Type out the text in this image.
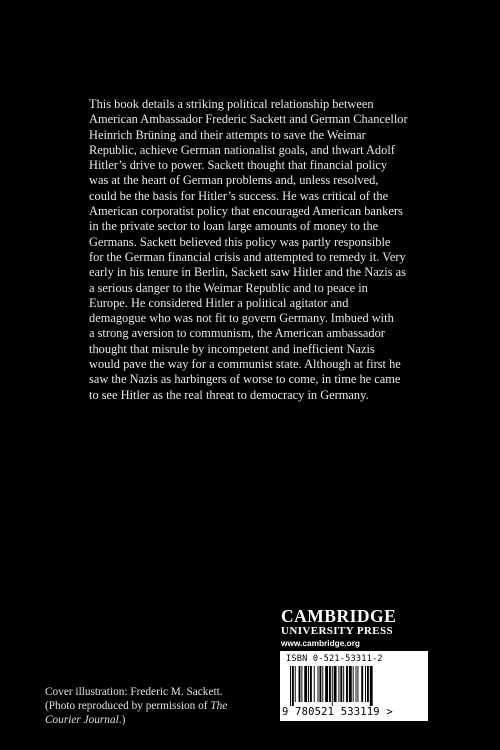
This book details a striking political relationship between
American Ambassador Frederic Sackett and German Chancellor
Heinrich Brüning and their attempts to save the Weimar
Republic, achieve German nationalist goals, and thwart Adolf
Hitler’s drive to power. Sackett thought that financial policy
was at the heart of German problems and, unless resolved,
could be the basis for Hitler’s success. He was critical of the
American corporatist policy that encouraged American bankers
in the private sector to loan large amounts of money to the
Germans. Sackett believed this policy was partly responsible
for the German financial crisis and attempted to remedy it. Very
early in his tenure in Berlin, Sackett saw Hitler and the Nazis as
a serious danger to the Weimar Republic and to peace in
Europe. He considered Hitler a political agitator and
demagogue who was not fit to govern Germany. Imbued with
a strong aversion to communism, the American ambassador
thought that misrule by incompetent and inefficient Nazis
would pave the way for a communist state. Although at first he
saw the Nazis as harbingers of worse to come, in time he came
to see Hitler as the real threat to democracy in Germany.
Cover illustration: Frederic M. Sackett.
(Photo reproduced by permission of The
Courier Journal.)
CAMBRIDGE
UNIVERSITY PRESS
www.cambridge.org
ISBN 0-521-53311-2
9 780521 533119 >
